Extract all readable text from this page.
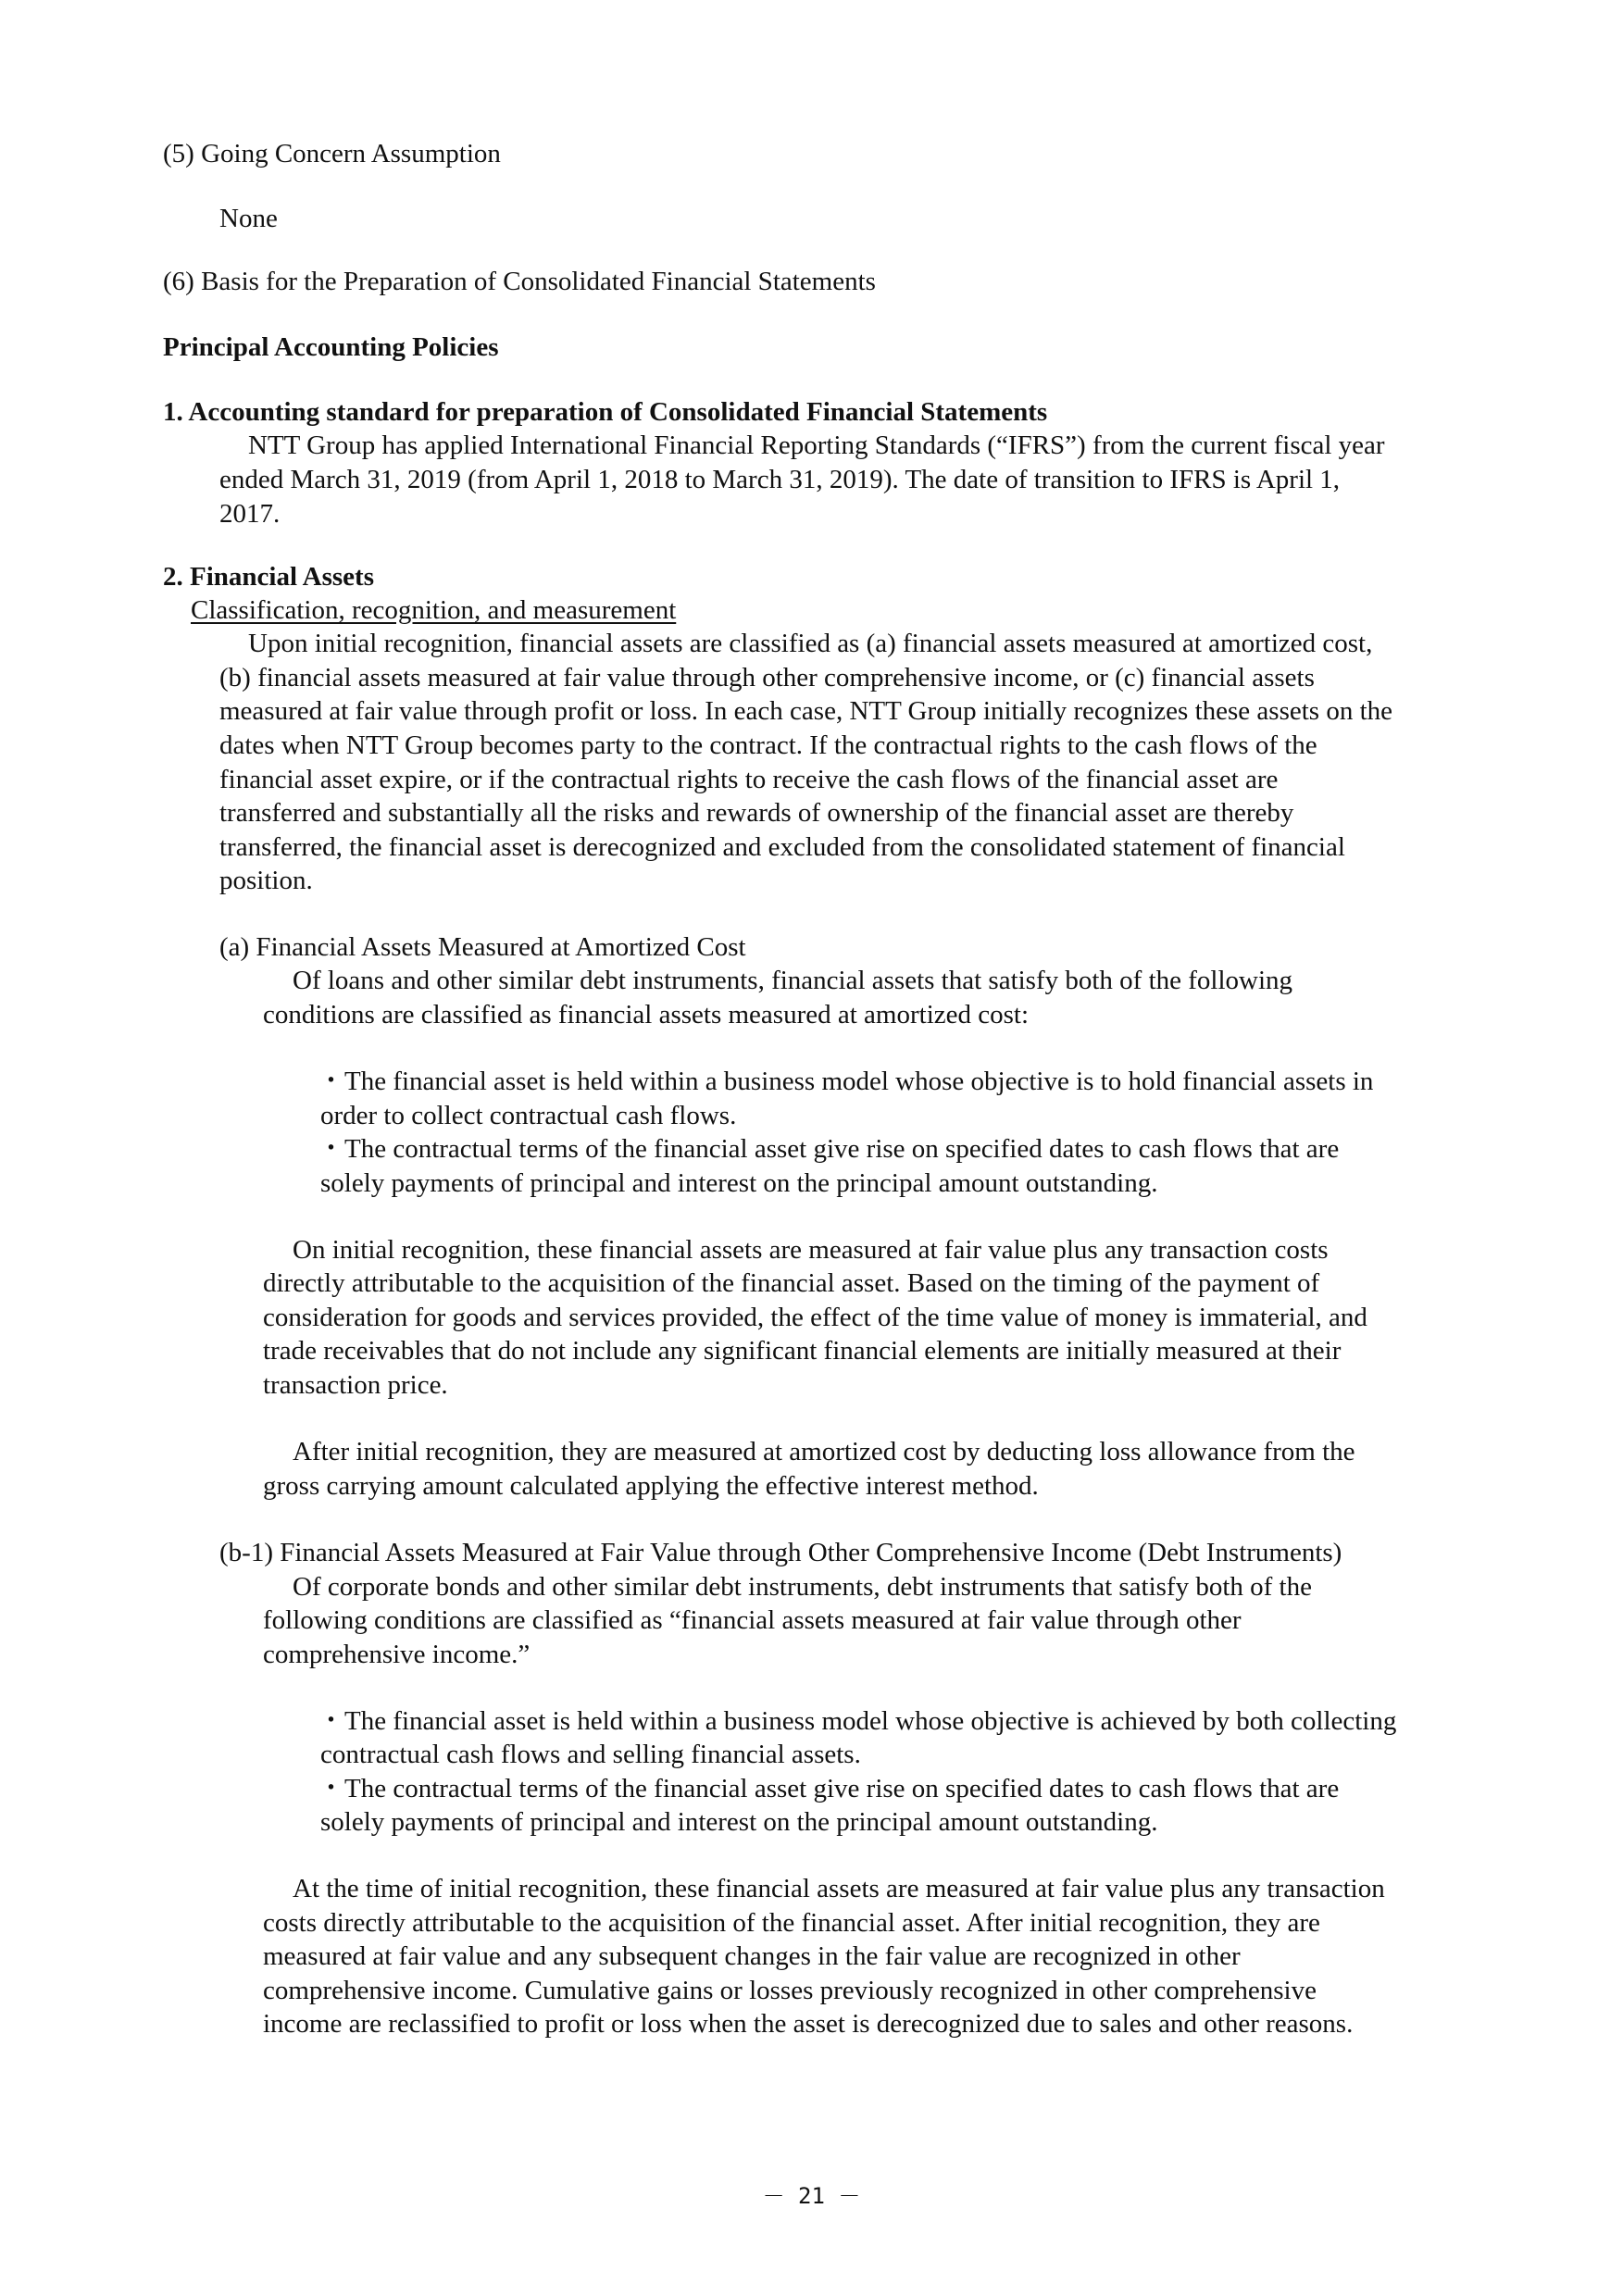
(5) Going Concern Assumption

None

(6) Basis for the Preparation of Consolidated Financial Statements

Principal Accounting Policies

1. Accounting standard for preparation of Consolidated Financial Statements

NTT Group has applied International Financial Reporting Standards (“IFRS”) from the current fiscal year

ended March 31, 2019 (from April 1, 2018 to March 31, 2019). The date of transition to IFRS is April 1,

2017.

2. Financial Assets

Classification, recognition, and measurement

Upon initial recognition, financial assets are classified as (a) financial assets measured at amortized cost,

(b) financial assets measured at fair value through other comprehensive income, or (c) financial assets

measured at fair value through profit or loss. In each case, NTT Group initially recognizes these assets on the

dates when NTT Group becomes party to the contract. If the contractual rights to the cash flows of the

financial asset expire, or if the contractual rights to receive the cash flows of the financial asset are

transferred and substantially all the risks and rewards of ownership of the financial asset are thereby

transferred, the financial asset is derecognized and excluded from the consolidated statement of financial

position.

(a) Financial Assets Measured at Amortized Cost

Of loans and other similar debt instruments, financial assets that satisfy both of the following

conditions are classified as financial assets measured at amortized cost:

・The financial asset is held within a business model whose objective is to hold financial assets in

order to collect contractual cash flows.

・The contractual terms of the financial asset give rise on specified dates to cash flows that are

solely payments of principal and interest on the principal amount outstanding.

On initial recognition, these financial assets are measured at fair value plus any transaction costs

directly attributable to the acquisition of the financial asset. Based on the timing of the payment of

consideration for goods and services provided, the effect of the time value of money is immaterial, and

trade receivables that do not include any significant financial elements are initially measured at their

transaction price.

After initial recognition, they are measured at amortized cost by deducting loss allowance from the

gross carrying amount calculated applying the effective interest method.

(b-1) Financial Assets Measured at Fair Value through Other Comprehensive Income (Debt Instruments)

Of corporate bonds and other similar debt instruments, debt instruments that satisfy both of the

following conditions are classified as “financial assets measured at fair value through other

comprehensive income.”

・The financial asset is held within a business model whose objective is achieved by both collecting

contractual cash flows and selling financial assets.

・The contractual terms of the financial asset give rise on specified dates to cash flows that are

solely payments of principal and interest on the principal amount outstanding.

At the time of initial recognition, these financial assets are measured at fair value plus any transaction

costs directly attributable to the acquisition of the financial asset. After initial recognition, they are

measured at fair value and any subsequent changes in the fair value are recognized in other

comprehensive income. Cumulative gains or losses previously recognized in other comprehensive

income are reclassified to profit or loss when the asset is derecognized due to sales and other reasons.

－ 21 －
